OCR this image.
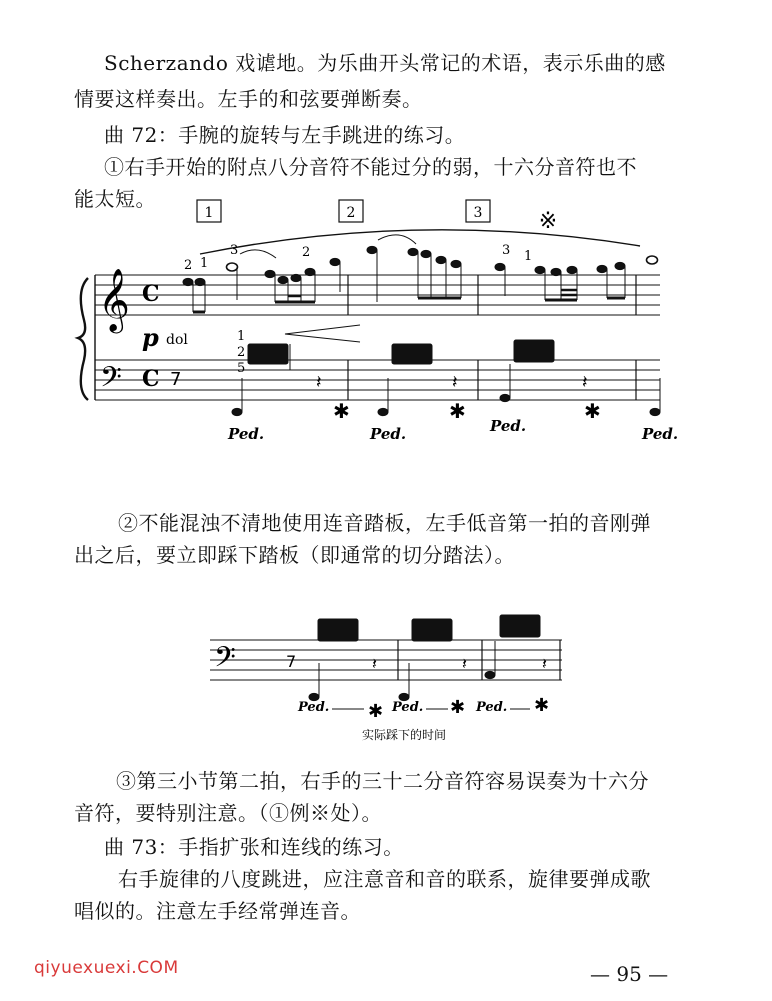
Scherzando 戏谑地。为乐曲开头常记的术语，表示乐曲的感
情要这样奏出。左手的和弦要弹断奏。
曲 72：手腕的旋转与左手跳进的练习。
①右手开始的附点八分音符不能过分的弱，十六分音符也不
能太短。
1	2	3	※
𝄞
𝄢
C
C
p dol
2 1
3	2	3 1
1
2
5
7	𝄽	𝄽	𝄽
Ped.	Ped.	Ped.	Ped.
✱	✱	✱
②不能混浊不清地使用连音踏板，左手低音第一拍的音刚弹
出之后，要立即踩下踏板（即通常的切分踏法）。
𝄢	7	𝄽	𝄽	𝄽
Ped.	Ped.	Ped.
✱	✱	✱
实际踩下的时间
③第三小节第二拍，右手的三十二分音符容易误奏为十六分
音符，要特别注意。（①例※处）。
曲 73：手指扩张和连线的练习。
右手旋律的八度跳进，应注意音和音的联系，旋律要弹成歌
唱似的。注意左手经常弹连音。
qiyuexuexi.COM	— 95 —
